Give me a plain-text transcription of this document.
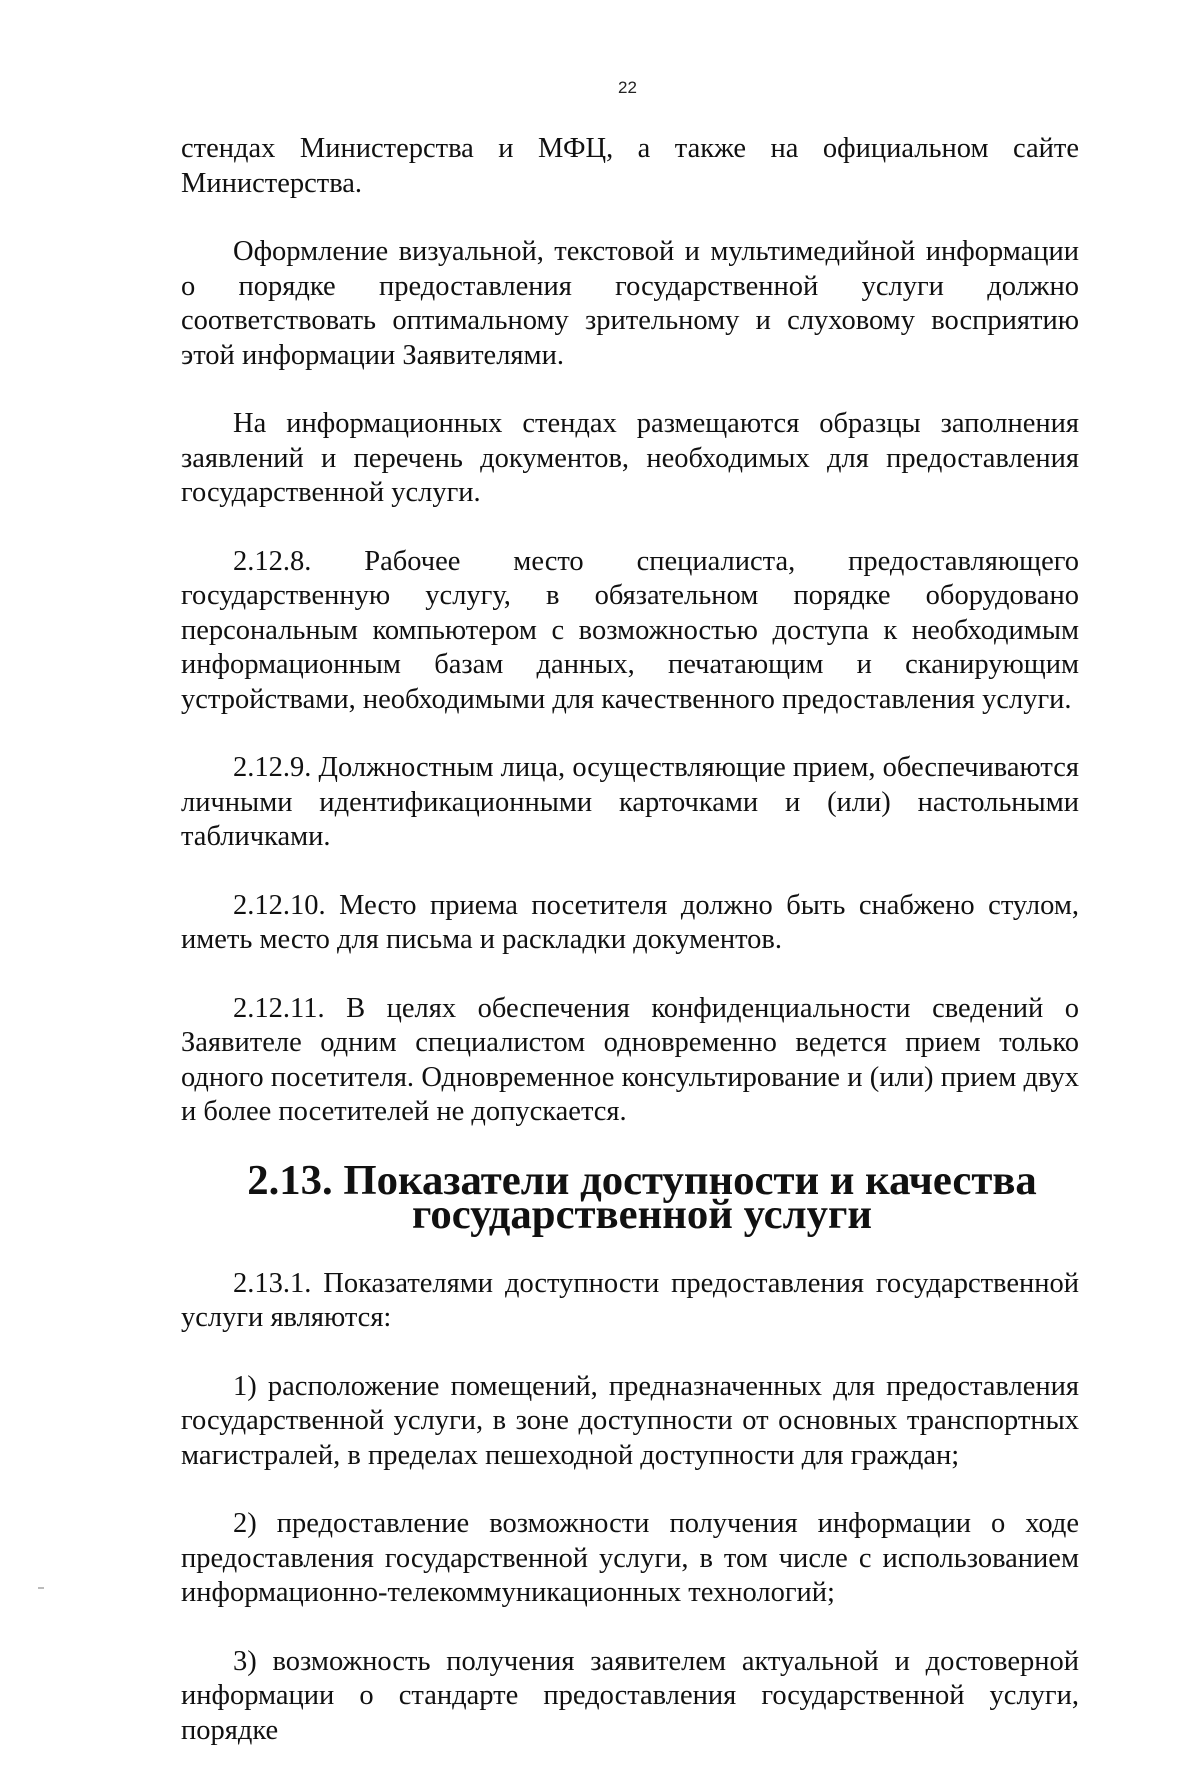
22

стендах Министерства и МФЦ, а также на официальном сайте Министерства.

Оформление визуальной, текстовой и мультимедийной информации о порядке предоставления государственной услуги должно соответствовать оптимальному зрительному и слуховому восприятию этой информации Заявителями.

На информационных стендах размещаются образцы заполнения заявлений и перечень документов, необходимых для предоставления государственной услуги.

2.12.8. Рабочее место специалиста, предоставляющего государственную услугу, в обязательном порядке оборудовано персональным компьютером с возможностью доступа к необходимым информационным базам данных, печатающим и сканирующим устройствами, необходимыми для качественного предоставления услуги.

2.12.9. Должностным лица, осуществляющие прием, обеспечиваются личными идентификационными карточками и (или) настольными табличками.

2.12.10. Место приема посетителя должно быть снабжено стулом, иметь место для письма и раскладки документов.

2.12.11. В целях обеспечения конфиденциальности сведений о Заявителе одним специалистом одновременно ведется прием только одного посетителя. Одновременное консультирование и (или) прием двух и более посетителей не допускается.

2.13. Показатели доступности и качества государственной услуги

2.13.1. Показателями доступности предоставления государственной услуги являются:

1) расположение помещений, предназначенных для предоставления государственной услуги, в зоне доступности от основных транспортных магистралей, в пределах пешеходной доступности для граждан;

2) предоставление возможности получения информации о ходе предоставления государственной услуги, в том числе с использованием информационно-телекоммуникационных технологий;

3) возможность получения заявителем актуальной и достоверной информации о стандарте предоставления государственной услуги, порядке
